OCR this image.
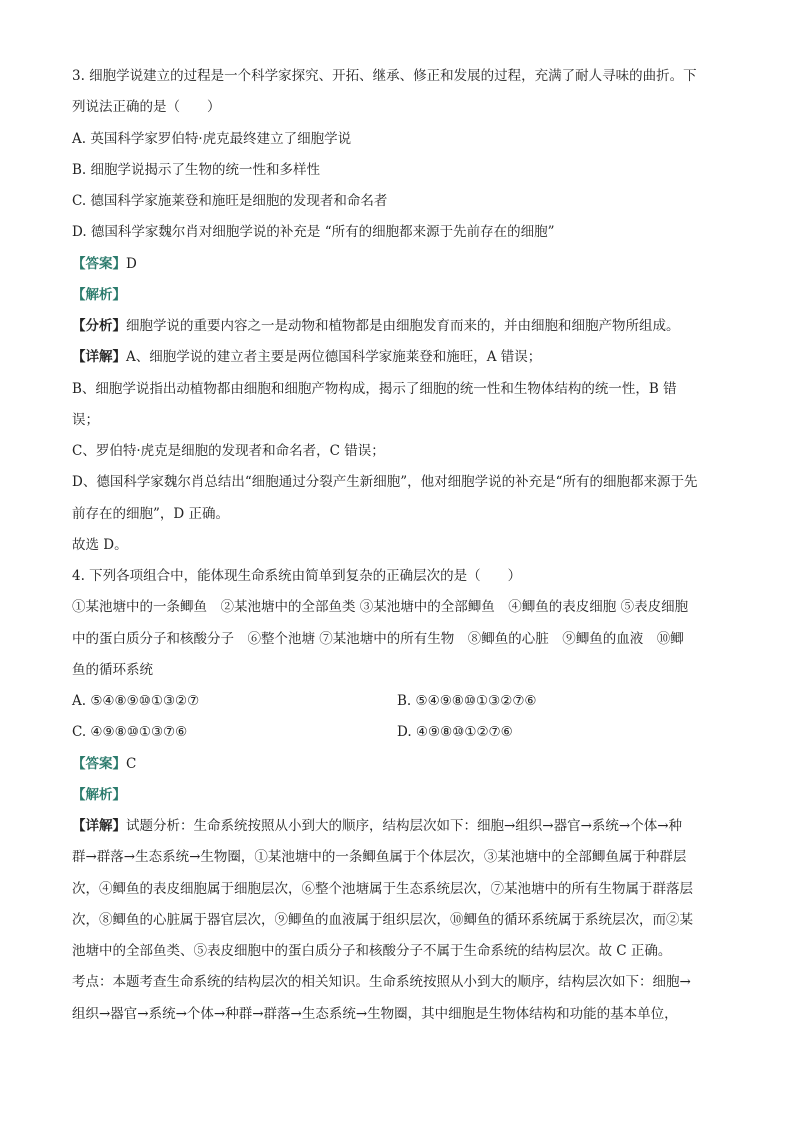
3. 细胞学说建立的过程是一个科学家探究、开拓、继承、修正和发展的过程，充满了耐人寻味的曲折。下
列说法正确的是（　　）
A. 英国科学家罗伯特·虎克最终建立了细胞学说
B. 细胞学说揭示了生物的统一性和多样性
C. 德国科学家施莱登和施旺是细胞的发现者和命名者
D. 德国科学家魏尔肖对细胞学说的补充是 “所有的细胞都来源于先前存在的细胞”
【答案】D
【解析】
【分析】细胞学说的重要内容之一是动物和植物都是由细胞发育而来的，并由细胞和细胞产物所组成。
【详解】A、细胞学说的建立者主要是两位德国科学家施莱登和施旺，A 错误；
B、细胞学说指出动植物都由细胞和细胞产物构成，揭示了细胞的统一性和生物体结构的统一性，B 错
误；
C、罗伯特·虎克是细胞的发现者和命名者，C 错误；
D、德国科学家魏尔肖总结出“细胞通过分裂产生新细胞”，他对细胞学说的补充是“所有的细胞都来源于先
前存在的细胞”，D 正确。
故选 D。
4. 下列各项组合中，能体现生命系统由简单到复杂的正确层次的是（　　）
①某池塘中的一条鲫鱼　②某池塘中的全部鱼类 ③某池塘中的全部鲫鱼　④鲫鱼的表皮细胞 ⑤表皮细胞
中的蛋白质分子和核酸分子　⑥整个池塘 ⑦某池塘中的所有生物　⑧鲫鱼的心脏　⑨鲫鱼的血液　⑩鲫
鱼的循环系统
A. ⑤④⑧⑨⑩①③②⑦	B. ⑤④⑨⑧⑩①③②⑦⑥
C. ④⑨⑧⑩①③⑦⑥	D. ④⑨⑧⑩①②⑦⑥
【答案】C
【解析】
【详解】试题分析：生命系统按照从小到大的顺序，结构层次如下：细胞→组织→器官→系统→个体→种
群→群落→生态系统→生物圈，①某池塘中的一条鲫鱼属于个体层次，③某池塘中的全部鲫鱼属于种群层
次，④鲫鱼的表皮细胞属于细胞层次，⑥整个池塘属于生态系统层次，⑦某池塘中的所有生物属于群落层
次，⑧鲫鱼的心脏属于器官层次，⑨鲫鱼的血液属于组织层次，⑩鲫鱼的循环系统属于系统层次，而②某
池塘中的全部鱼类、⑤表皮细胞中的蛋白质分子和核酸分子不属于生命系统的结构层次。故 C 正确。
考点：本题考查生命系统的结构层次的相关知识。生命系统按照从小到大的顺序，结构层次如下：细胞→
组织→器官→系统→个体→种群→群落→生态系统→生物圈，其中细胞是生物体结构和功能的基本单位，
